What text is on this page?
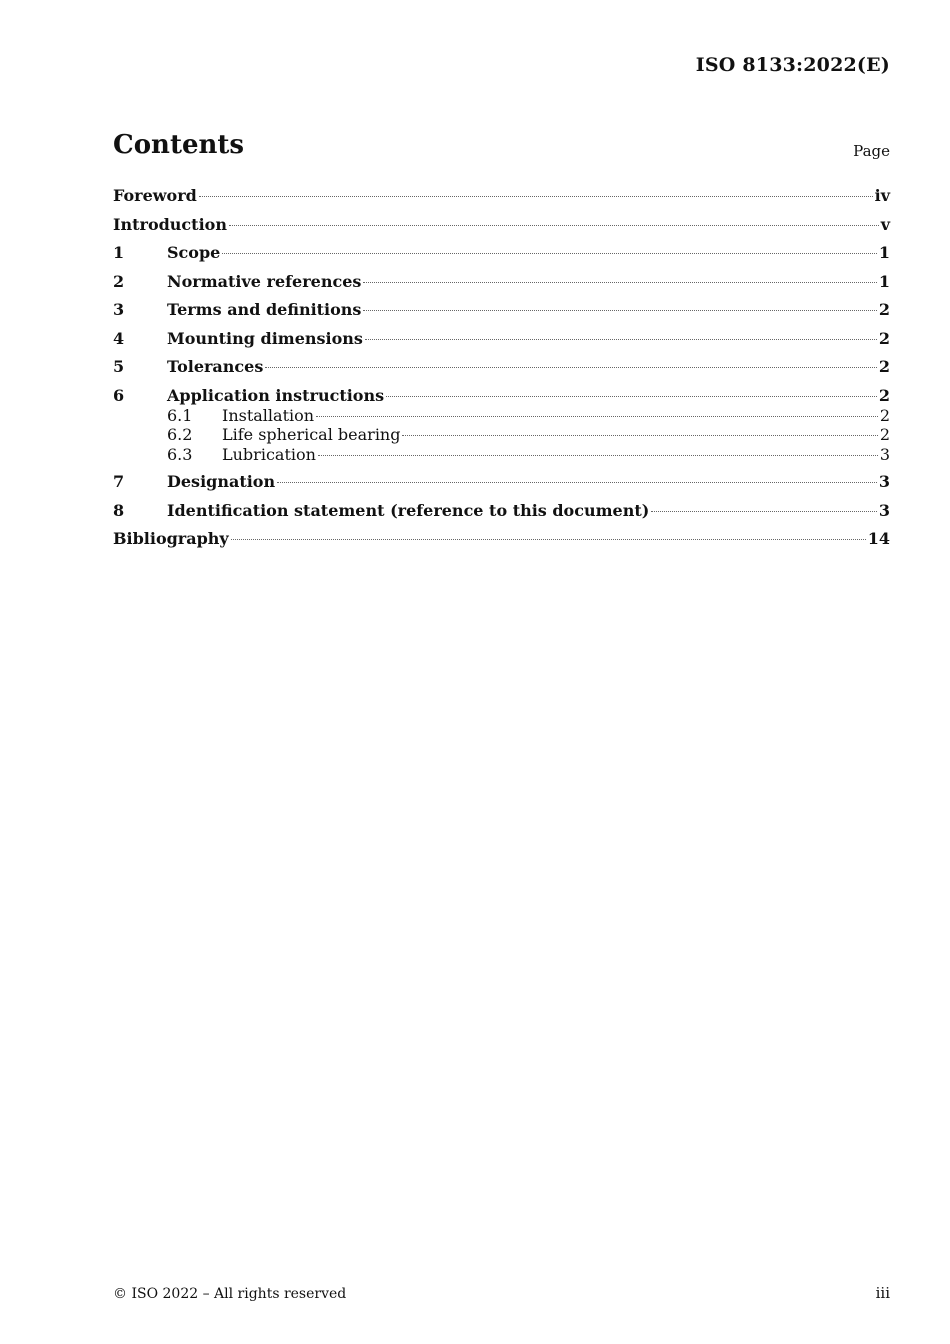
ISO 8133:2022(E)
Contents	Page
Foreword	iv
Introduction	v
1	Scope	1
2	Normative references	1
3	Terms and definitions	2
4	Mounting dimensions	2
5	Tolerances	2
6	Application instructions	2
6.1	Installation	2
6.2	Life spherical bearing	2
6.3	Lubrication	3
7	Designation	3
8	Identification statement (reference to this document)	3
Bibliography	14
© ISO 2022 – All rights reserved	iii
